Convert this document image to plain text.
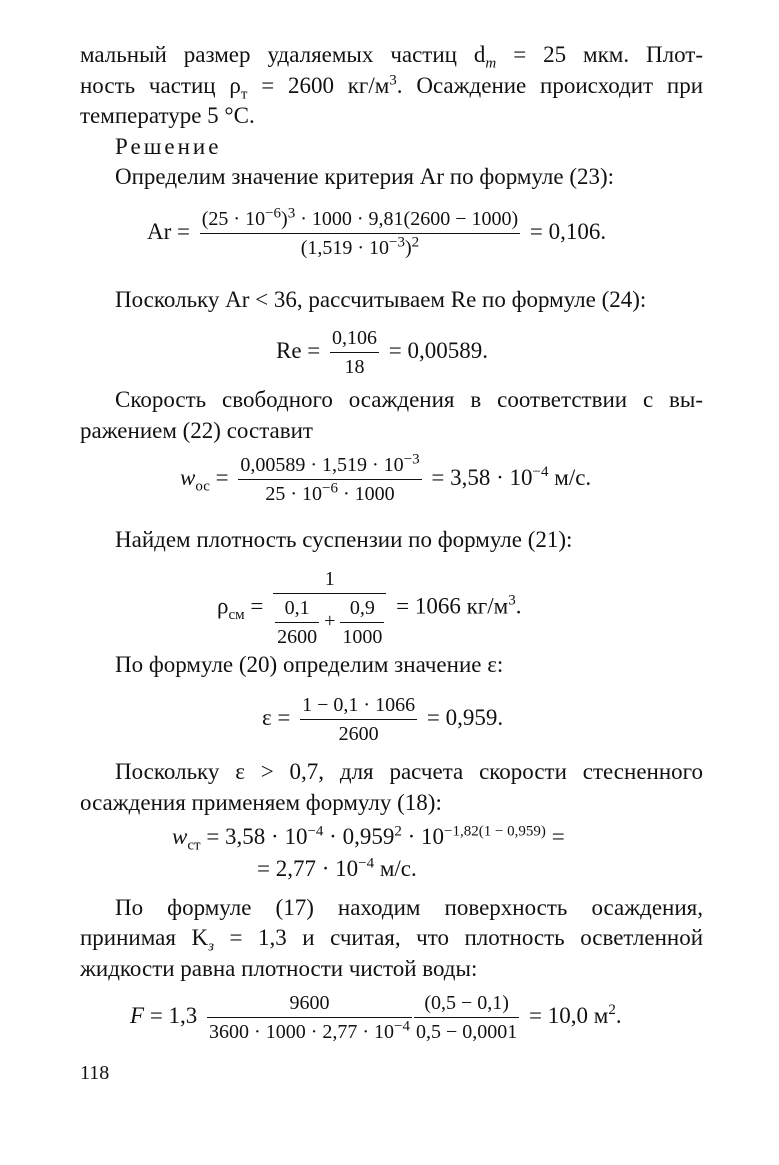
мальный размер удаляемых частиц $d_т = 25$ мкм. Плот-
ность частиц $\rho_т = 2600$ $кг/м^3$. Осаждение происходит при
температуре 5 °С.
Решение
Определим значение критерия Ar по формуле (23):
$Ar = \frac{(25 \cdot 10^{-6})^3 \cdot 1000 \cdot 9,81(2600 - 1000)}{(1,519 \cdot 10^{-3})^2} = 0,106$.
Поскольку Ar < 36, рассчитываем Re по формуле (24):
$Re = \frac{0,106}{18} = 0,00589$.
Скорость свободного осаждения в соответствии с вы-
ражением (22) составит
$w_{ос} = \frac{0,00589 \cdot 1,519 \cdot 10^{-3}}{25 \cdot 10^{-6} \cdot 1000} = 3,58 \cdot 10^{-4}$ м/с.
Найдем плотность суспензии по формуле (21):
$\rho_{см}$ =
1
$\frac{0,1}{2600} + \frac{0,9}{1000} = 1066$ $кг/м^3$.
По формуле (20) определим значение ε:
$\varepsilon = \frac{1 - 0,1 \cdot 1066}{2600} = 0,959$.
Поскольку ε > 0,7, для расчета скорости стесненного
осаждения применяем формулу (18):
$w_{ст} = 3,58 \cdot 10^{-4} \cdot 0,959^2 \cdot 10^{-1,82(1 - 0,959)}$ =
= $2,77 \cdot 10^{-4}$ м/с.
По формуле (17) находим поверхность осаждения,
принимая $K_з = 1,3$ и считая, что плотность осветленной
жидкости равна плотности чистой воды:
$F = 1,3 \frac{9600}{3600 \cdot 1000 \cdot 2,77 \cdot 10^{-4}} \frac{(0,5 - 0,1)}{0,5 - 0,0001} = 10,0$ $м^2$.
118
